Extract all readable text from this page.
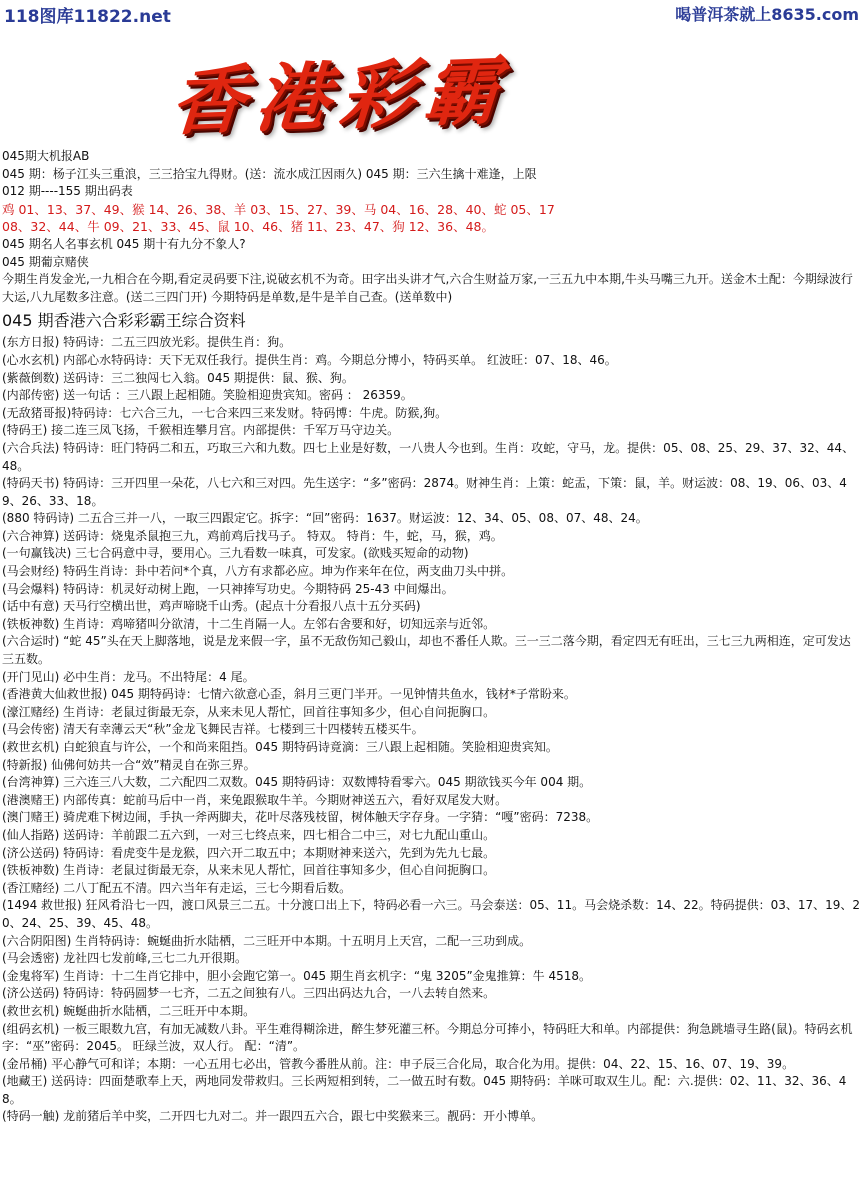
118图库11822.net	喝普洱茶就上8635.com
香港彩霸
045期大机报AB
045 期：杨子江头三重浪，三三拾宝九得财。(送：流水成江因雨久) 045 期：三六生擒十难逢，上限
012 期----155 期出码表
鸡 01、13、37、49、猴 14、26、38、羊 03、15、27、39、马 04、16、28、40、蛇 05、17
08、32、44、牛 09、21、33、45、鼠 10、46、猪 11、23、47、狗 12、36、48。
045 期名人名事玄机 045 期十有九分不象人?
045 期葡京赌侠
今期生肖发金光,一九相合在今期,看定灵码要下注,说破玄机不为奇。田字出头讲才气,六合生财益万家,一三五九中本期,牛头马嘴三九开。送金木土配：今期绿波行大运,八九尾数多注意。(送二三四门开) 今期特码是单数,是牛是羊自己查。(送单数中)
045 期香港六合彩彩霸王综合资料
(东方日报) 特码诗：二五三四放光彩。提供生肖：狗。
(心水玄机) 内部心水特码诗：天下无双任我行。提供生肖：鸡。今期总分博小，特码买单。 红波旺：07、18、46。
(紫薇倒数) 送码诗：三二独闯七入翁。045 期提供：鼠、猴、狗。
(内部传密) 送一句话 ：三八跟上起相随。笑脸相迎贵宾知。密码 ： 26359。
(无敌猪哥报)特码诗：七六合三九，一七合来四三来发财。特码博：牛虎。防猴,狗。
(特码王) 接二连三凤飞扬，千猴相连攀月宫。内部提供：千军万马守边关。
(六合兵法) 特码诗：旺门特码二和五，巧取三六和九数。四七上业是好数，一八贵人今也到。生肖：攻蛇，守马，龙。提供：05、08、25、29、37、32、44、48。
(特码天书) 特码诗：三开四里一朵花，八七六和三对四。先生送字：“多”密码：2874。财神生肖：上策：蛇盂，下策：鼠，羊。财运波：08、19、06、03、49、26、33、18。
(880 特码诗) 二五合三并一八，一取三四跟定它。拆字：“回”密码：1637。财运波：12、34、05、08、07、48、24。
(六合神算) 送码诗：烧鬼杀鼠抱三九，鸡前鸡后找马子。 特双。 特肖：牛，蛇，马，猴，鸡。
(一句赢钱决) 三七合码意中寻，要用心。三九看数一味真，可发家。(欲贱买短命的动物)
(马会财经) 特码生肖诗：卦中若问*个真，八方有求都必应。坤为作来年在位，两支曲刀头中拼。
(马会爆料) 特码诗：机灵好动树上跑，一只神捧写功史。今期特码 25-43 中间爆出。
(话中有意) 天马行空横出世，鸡声啼晓千山秀。(起点十分看报八点十五分买码)
(铁板神数) 生肖诗：鸡啼猪叫分欲清，十二生肖隔一人。左邻右舍要和好，切知远亲与近邻。
(六合运时) “蛇 45”头在天上脚落地，说是龙来假一字，虽不无敌伤知己毅山，却也不番任人欺。三一三二落今期，看定四无有旺出，三七三九两相连，定可发达三五数。
(开门见山) 必中生肖：龙马。不出特尾：4 尾。
(香港黄大仙救世报) 045 期特码诗：七情六欲意心歪，斜月三更门半开。一见钟情共鱼水，钱材*子常盼来。
(濠江赌经) 生肖诗：老鼠过街最无奈，从来未见人帮忙，回首往事知多少，但心自问扼胸口。
(马会传密) 清天有幸薄云天“秋”金龙飞舞民吉祥。七楼到三十四楼转五楼买牛。
(救世玄机) 白蛇狼直与许公，一个和尚来阻挡。045 期特码诗竟滴：三八跟上起相随。笑脸相迎贵宾知。
(特新报) 仙佛何妨共一合“效”精灵自在弥三界。
(台湾神算) 三六连三八大数，二六配四二双数。045 期特码诗：双数博特看零六。045 期欲钱买今年 004 期。
(港澳赌王) 内部传真：蛇前马后中一肖，来兔跟猴取牛羊。今期财神送五六，看好双尾发大财。
(澳门赌王) 骑虎难下树边闹，手执一斧两脚夫，花叶尽落残枝留，树体触天字存身。一字猜：“嘎”密码：7238。
(仙人指路) 送码诗：羊前跟二五六到，一对三七终点来，四七相合二中三，对七九配山重山。
(济公送码) 特码诗：看虎变牛是龙猴，四六开二取五中；本期财神来送六，先到为先九七最。
(铁板神数) 生肖诗：老鼠过街最无奈，从来未见人帮忙，回首往事知多少，但心自问扼胸口。
(香江赌经) 二八丁配五不清。四六当年有走运，三七今期看后数。
(1494 救世报) 狂风肴沿七一四，渡口风景三二五。十分渡口出上下，特码必看一六三。马会泰送：05、11。马会烧杀数：14、22。特码提供：03、17、19、20、24、25、39、45、48。
(六合阴阳图) 生肖特码诗：蜿蜒曲折水陆栖，二三旺开中本期。十五明月上天宫，二配一三功到成。
(马会透密) 龙社四七发前峰,三七二九开很期。
(金鬼将军) 生肖诗：十二生肖它排中，胆小会跑它第一。045 期生肖玄机字：“鬼 3205”金鬼推算：牛 4518。
(济公送码) 特码诗：特码圆梦一七齐，二五之间独有八。三四出码达九合，一八去转自然来。
(救世玄机) 蜿蜒曲折水陆栖，二三旺开中本期。
(组码玄机) 一板三眼数九宫，有加无减数八卦。平生难得糊涂进，醉生梦死灌三杯。今期总分可捧小，特码旺大和单。内部提供：狗急跳墙寻生路(鼠)。特码玄机字：“巫”密码：2045。 旺绿兰波，双人行。 配：“清”。
(金吊桶) 平心静气可和详；本期：一心五用七必出，管教今番胜从前。注：申子辰三合化局，取合化为用。提供：04、22、15、16、07、19、39。
(地藏王) 送码诗：四面楚歌奉上天，两地同发带救归。三长两短相到转，二一做五时有数。045 期特码：羊咪可取双生儿。配：六.提供：02、11、32、36、48。
(特码一触) 龙前猪后羊中奖，二开四七九对二。并一跟四五六合，跟七中奖猴来三。靓码：开小博单。
